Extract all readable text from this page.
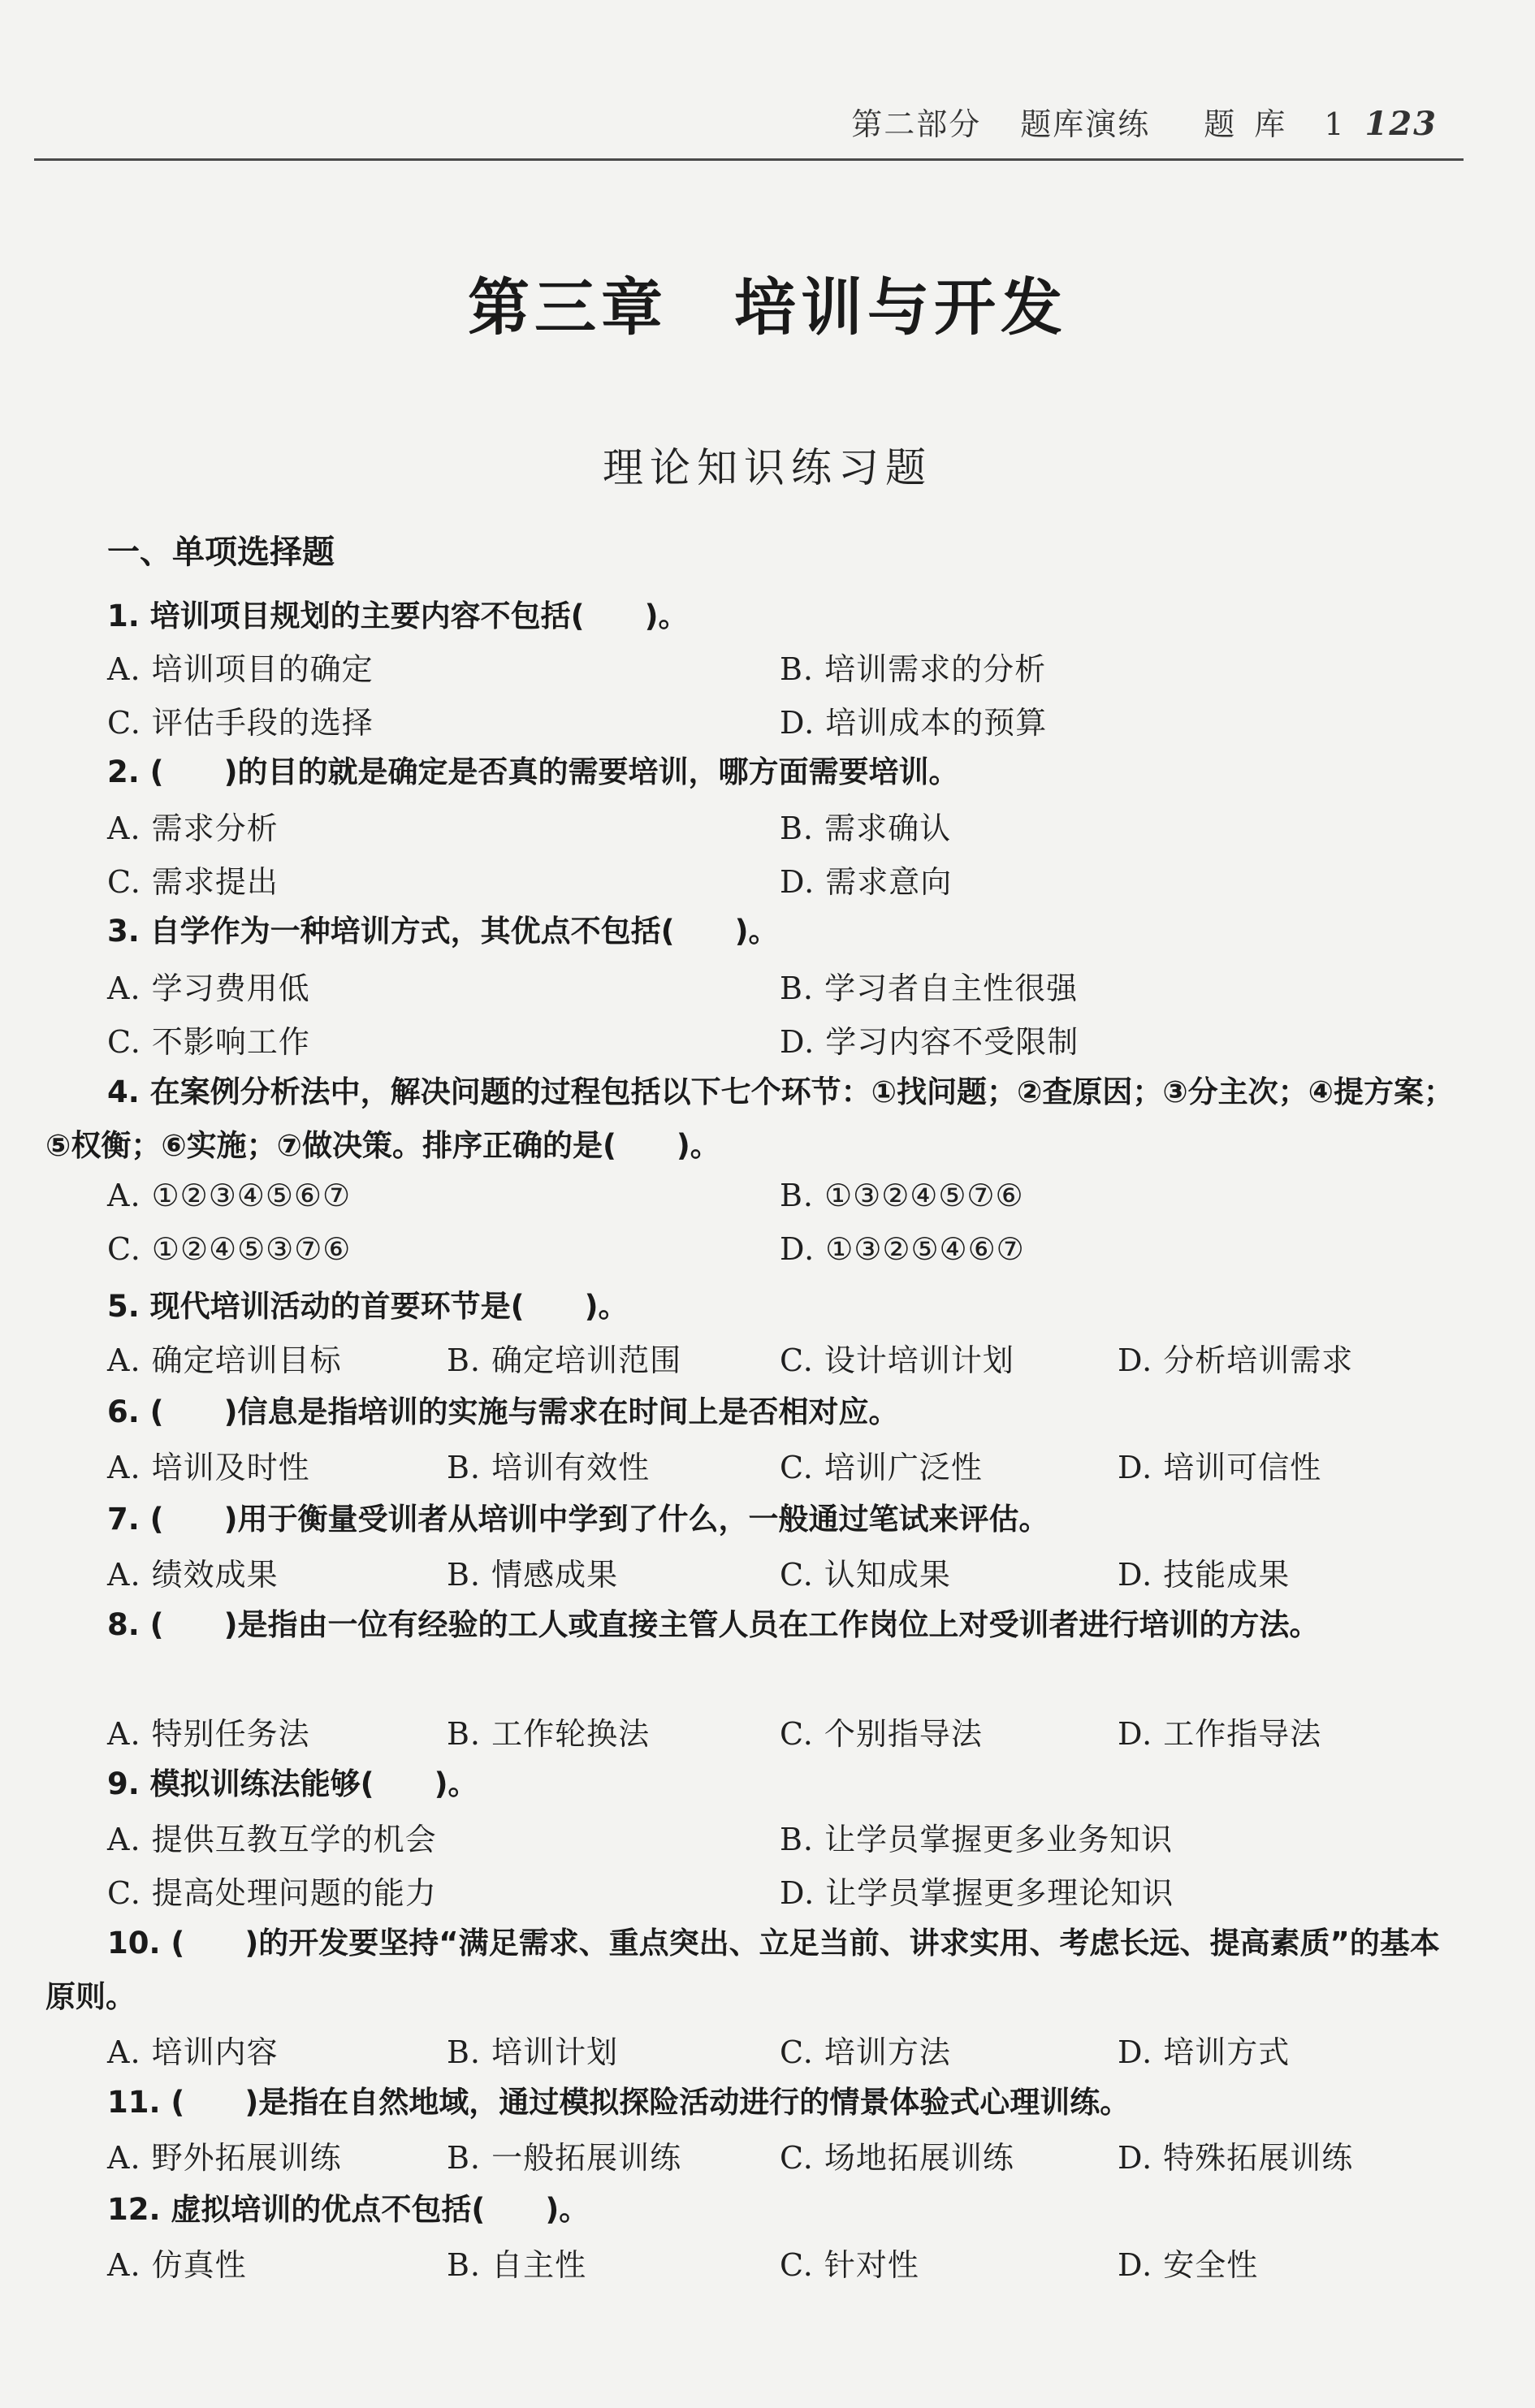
第二部分 题库演练 题库 1 123
第三章　培训与开发
理论知识练习题
一、单项选择题
1. 培训项目规划的主要内容不包括(　　)。
A. 培训项目的确定	B. 培训需求的分析
C. 评估手段的选择	D. 培训成本的预算
2. (　　)的目的就是确定是否真的需要培训，哪方面需要培训。
A. 需求分析	B. 需求确认
C. 需求提出	D. 需求意向
3. 自学作为一种培训方式，其优点不包括(　　)。
A. 学习费用低	B. 学习者自主性很强
C. 不影响工作	D. 学习内容不受限制
4. 在案例分析法中，解决问题的过程包括以下七个环节：①找问题；②查原因；③分主次；④提方案；⑤权衡；⑥实施；⑦做决策。排序正确的是(　　)。
A. ①②③④⑤⑥⑦	B. ①③②④⑤⑦⑥
C. ①②④⑤③⑦⑥	D. ①③②⑤④⑥⑦
5. 现代培训活动的首要环节是(　　)。
A. 确定培训目标	B. 确定培训范围	C. 设计培训计划	D. 分析培训需求
6. (　　)信息是指培训的实施与需求在时间上是否相对应。
A. 培训及时性	B. 培训有效性	C. 培训广泛性	D. 培训可信性
7. (　　)用于衡量受训者从培训中学到了什么，一般通过笔试来评估。
A. 绩效成果	B. 情感成果	C. 认知成果	D. 技能成果
8. (　　)是指由一位有经验的工人或直接主管人员在工作岗位上对受训者进行培训的方法。
A. 特别任务法	B. 工作轮换法	C. 个别指导法	D. 工作指导法
9. 模拟训练法能够(　　)。
A. 提供互教互学的机会	B. 让学员掌握更多业务知识
C. 提高处理问题的能力	D. 让学员掌握更多理论知识
10. (　　)的开发要坚持“满足需求、重点突出、立足当前、讲求实用、考虑长远、提高素质”的基本原则。
A. 培训内容	B. 培训计划	C. 培训方法	D. 培训方式
11. (　　)是指在自然地域，通过模拟探险活动进行的情景体验式心理训练。
A. 野外拓展训练	B. 一般拓展训练	C. 场地拓展训练	D. 特殊拓展训练
12. 虚拟培训的优点不包括(　　)。
A. 仿真性	B. 自主性	C. 针对性	D. 安全性
